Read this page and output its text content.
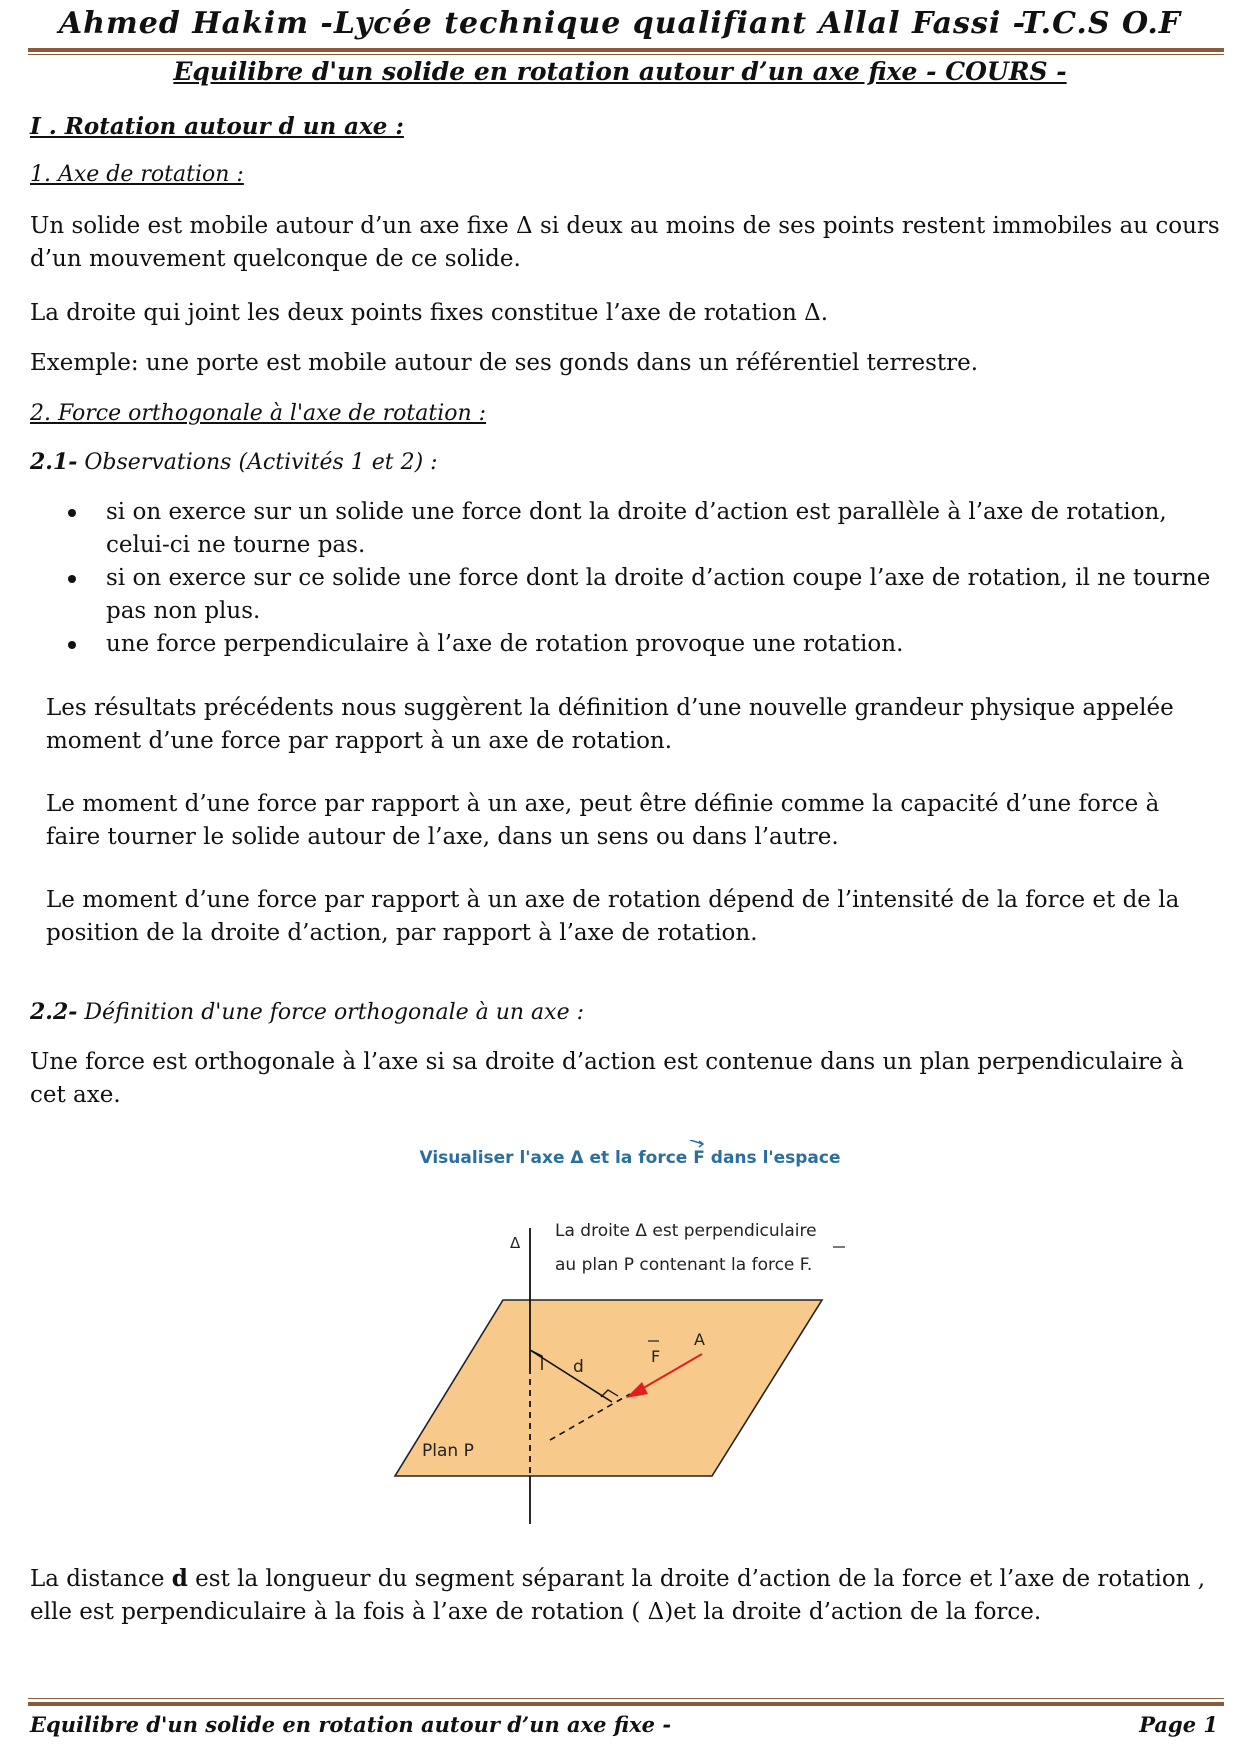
Ahmed Hakim -Lycée technique qualifiant Allal Fassi -T.C.S O.F
Equilibre d'un solide en rotation autour d’un axe fixe - COURS -
I . Rotation autour d un axe :
1. Axe de rotation :

Un solide est mobile autour d’un axe fixe Δ si deux au moins de ses points restent immobiles au cours d’un mouvement quelconque de ce solide.

La droite qui joint les deux points fixes constitue l’axe de rotation Δ.

Exemple: une porte est mobile autour de ses gonds dans un référentiel terrestre.

2. Force orthogonale à l'axe de rotation :
2.1- Observations (Activités 1 et 2) :
si on exerce sur un solide une force dont la droite d’action est parallèle à l’axe de rotation, celui-ci ne tourne pas.
si on exerce sur ce solide une force dont la droite d’action coupe l’axe de rotation, il ne tourne pas non plus.
une force perpendiculaire à l’axe de rotation provoque une rotation.

Les résultats précédents nous suggèrent la définition d’une nouvelle grandeur physique appelée moment d’une force par rapport à un axe de rotation.

Le moment d’une force par rapport à un axe, peut être définie comme la capacité d’une force à faire tourner le solide autour de l’axe, dans un sens ou dans l’autre.

Le moment d’une force par rapport à un axe de rotation dépend de l’intensité de la force et de la position de la droite d’action, par rapport à l’axe de rotation.

2.2- Définition d'une force orthogonale à un axe :

Une force est orthogonale à l’axe si sa droite d’action est contenue dans un plan perpendiculaire à cet axe.

Visualiser l'axe Δ et la force F dans l'espace
La droite Δ est perpendiculaire
au plan P contenant la force F.
Δ
d
A
F
Plan P

La distance d est la longueur du segment séparant la droite d’action de la force et l’axe de rotation , elle est perpendiculaire à la fois à l’axe de rotation ( Δ)et la droite d’action de la force.

Equilibre d'un solide en rotation autour d’un axe fixe -	Page 1
